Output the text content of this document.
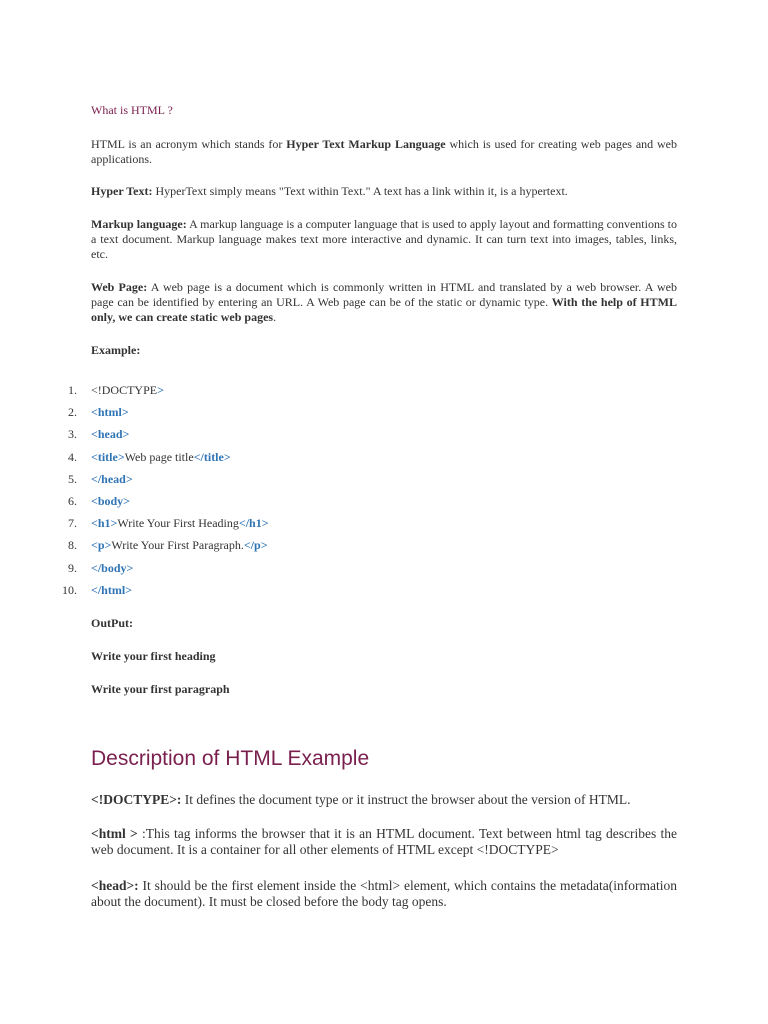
What is HTML ?

HTML is an acronym which stands for Hyper Text Markup Language which is used for creating web pages and web applications.

Hyper Text: HyperText simply means "Text within Text." A text has a link within it, is a hypertext.

Markup language: A markup language is a computer language that is used to apply layout and formatting conventions to a text document. Markup language makes text more interactive and dynamic. It can turn text into images, tables, links, etc.

Web Page: A web page is a document which is commonly written in HTML and translated by a web browser. A web page can be identified by entering an URL. A Web page can be of the static or dynamic type. With the help of HTML only, we can create static web pages.

Example:
1. <!DOCTYPE>
2. <html>
3. <head>
4. <title>Web page title</title>
5. </head>
6. <body>
7. <h1>Write Your First Heading</h1>
8. <p>Write Your First Paragraph.</p>
9. </body>
10. </html>
OutPut:
Write your first heading
Write your first paragraph
Description of HTML Example

<!DOCTYPE>: It defines the document type or it instruct the browser about the version of HTML.

<html > :This tag informs the browser that it is an HTML document. Text between html tag describes the web document. It is a container for all other elements of HTML except <!DOCTYPE>

<head>: It should be the first element inside the <html> element, which contains the metadata(information about the document). It must be closed before the body tag opens.
